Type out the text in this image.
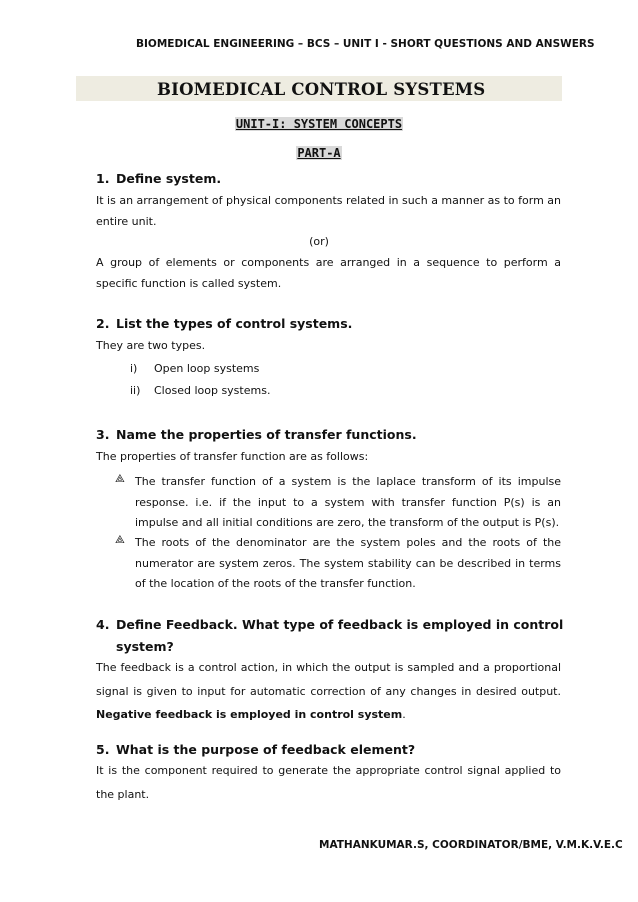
BIOMEDICAL ENGINEERING – BCS – UNIT I - SHORT QUESTIONS AND ANSWERS
BIOMEDICAL CONTROL SYSTEMS
UNIT-I: SYSTEM CONCEPTS
PART-A
1. Define system.
It is an arrangement of physical components related in such a manner as to form an
entire unit.
(or)
A group of elements or components are arranged in a sequence to perform a
specific function is called system.
2. List the types of control systems.
They are two types.
i) Open loop systems
ii) Closed loop systems.
3. Name the properties of transfer functions.
The properties of transfer function are as follows:
⟁ The transfer function of a system is the laplace transform of its impulse response. i.e. if the input to a system with transfer function P(s) is an impulse and all initial conditions are zero, the transform of the output is P(s).
⟁ The roots of the denominator are the system poles and the roots of the numerator are system zeros. The system stability can be described in terms of the location of the roots of the transfer function.
4. Define Feedback. What type of feedback is employed in control
system?
The feedback is a control action, in which the output is sampled and a proportional
signal is given to input for automatic correction of any changes in desired output.
Negative feedback is employed in control system.
5. What is the purpose of feedback element?
It is the component required to generate the appropriate control signal applied to
the plant.
MATHANKUMAR.S, COORDINATOR/BME, V.M.K.V.E.C
